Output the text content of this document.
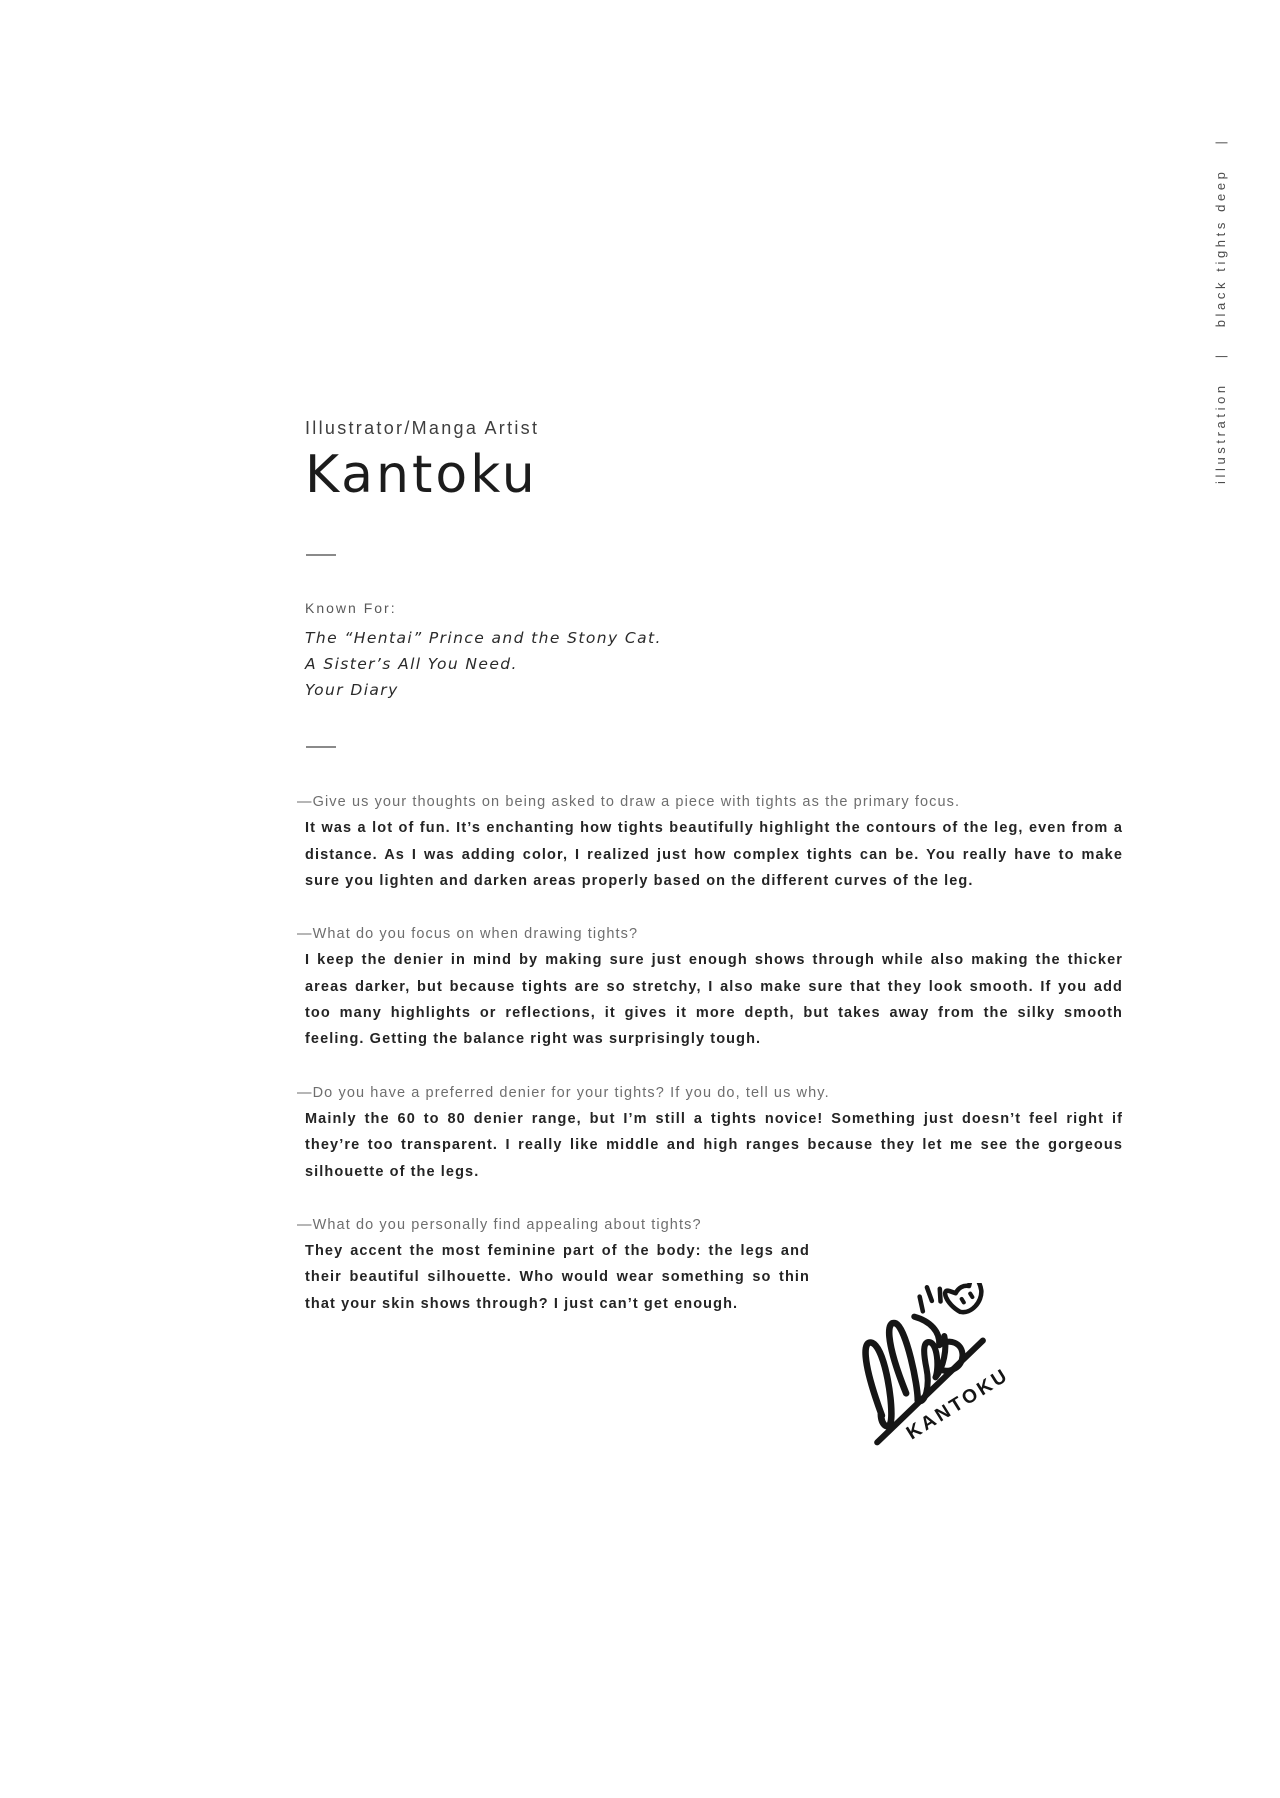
illustration|black tights deep|

Illustrator/Manga Artist

Kantoku

Known For:

The “Hentai” Prince and the Stony Cat.

A Sister’s All You Need.

Your Diary

—Give us your thoughts on being asked to draw a piece with tights as the primary focus.

It was a lot of fun. It’s enchanting how tights beautifully highlight the contours of the leg, even from a distance. As I was adding color, I realized just how complex tights can be. You really have to make sure you lighten and darken areas properly based on the different curves of the leg.

—What do you focus on when drawing tights?

I keep the denier in mind by making sure just enough shows through while also making the thicker areas darker, but because tights are so stretchy, I also make sure that they look smooth. If you add too many highlights or reflections, it gives it more depth, but takes away from the silky smooth feeling. Getting the balance right was surprisingly tough.

—Do you have a preferred denier for your tights? If you do, tell us why.

Mainly the 60 to 80 denier range, but I’m still a tights novice! Something just doesn’t feel right if they’re too transparent. I really like middle and high ranges because they let me see the gorgeous silhouette of the legs.

—What do you personally find appealing about tights?

They accent the most feminine part of the body: the legs and their beautiful silhouette. Who would wear something so thin that your skin shows through? I just can’t get enough.

KANTOKU
